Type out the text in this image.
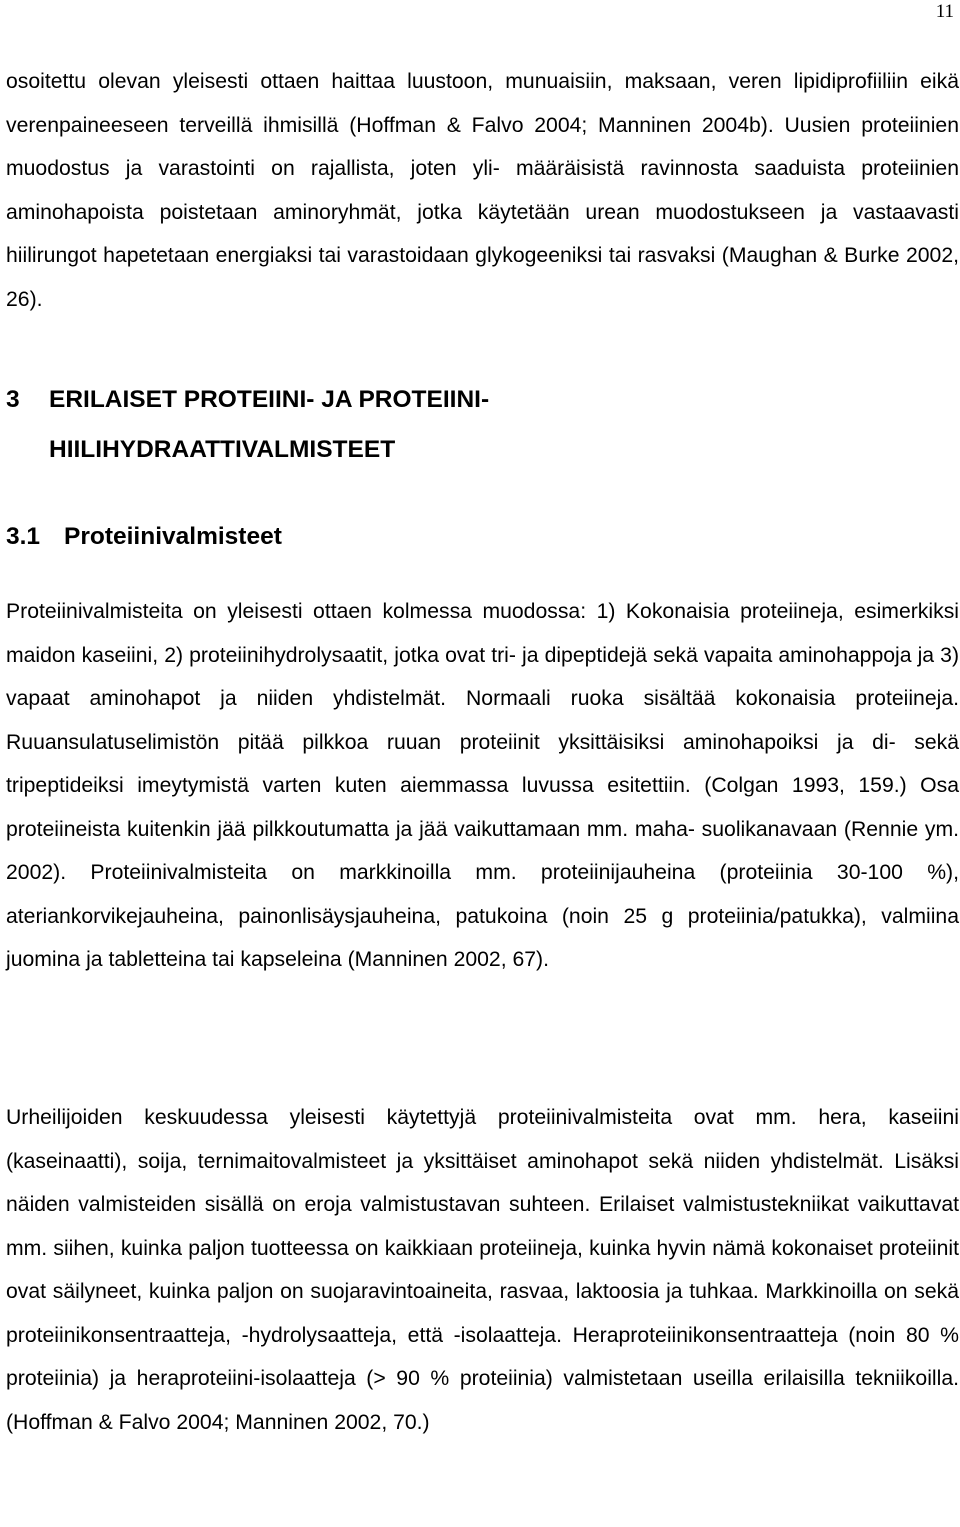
11

osoitettu olevan yleisesti ottaen haittaa luustoon, munuaisiin, maksaan, veren lipidiprofiiliin eikä verenpaineeseen terveillä ihmisillä (Hoffman & Falvo 2004; Manninen 2004b). Uusien proteiinien muodostus ja varastointi on rajallista, joten yli- määräisistä ravinnosta saaduista proteiinien aminohapoista poistetaan aminoryhmät, jotka käytetään urean muodostukseen ja vastaavasti hiilirungot hapetetaan energiaksi tai varastoidaan glykogeeniksi tai rasvaksi (Maughan & Burke 2002, 26).

3 ERILAISET PROTEIINI- JA PROTEIINI-
HIILIHYDRAATTIVALMISTEET
3.1 Proteiinivalmisteet

Proteiinivalmisteita on yleisesti ottaen kolmessa muodossa: 1) Kokonaisia proteiineja, esimerkiksi maidon kaseiini, 2) proteiinihydrolysaatit, jotka ovat tri- ja dipeptidejä sekä vapaita aminohappoja ja 3) vapaat aminohapot ja niiden yhdistelmät. Normaali ruoka sisältää kokonaisia proteiineja. Ruuansulatuselimistön pitää pilkkoa ruuan proteiinit yksittäisiksi aminohapoiksi ja di- sekä tripeptideiksi imeytymistä varten kuten aiemmassa luvussa esitettiin. (Colgan 1993, 159.) Osa proteiineista kuitenkin jää pilkkoutumatta ja jää vaikuttamaan mm. maha- suolikanavaan (Rennie ym. 2002). Proteiinivalmisteita on markkinoilla mm. proteiinijauheina (proteiinia 30-100 %), ateriankorvikejauheina, painonlisäysjauheina, patukoina (noin 25 g proteiinia/patukka), valmiina juomina ja tabletteina tai kapseleina (Manninen 2002, 67).

Urheilijoiden keskuudessa yleisesti käytettyjä proteiinivalmisteita ovat mm. hera, kaseiini (kaseinaatti), soija, ternimaitovalmisteet ja yksittäiset aminohapot sekä niiden yhdistelmät. Lisäksi näiden valmisteiden sisällä on eroja valmistustavan suhteen. Erilaiset valmistustekniikat vaikuttavat mm. siihen, kuinka paljon tuotteessa on kaikkiaan proteiineja, kuinka hyvin nämä kokonaiset proteiinit ovat säilyneet, kuinka paljon on suojaravintoaineita, rasvaa, laktoosia ja tuhkaa. Markkinoilla on sekä proteiinikonsentraatteja, -hydrolysaatteja, että -isolaatteja. Heraproteiinikonsentraatteja (noin 80 % proteiinia) ja heraproteiini-isolaatteja (> 90 % proteiinia) valmistetaan useilla erilaisilla tekniikoilla. (Hoffman & Falvo 2004; Manninen 2002, 70.)
